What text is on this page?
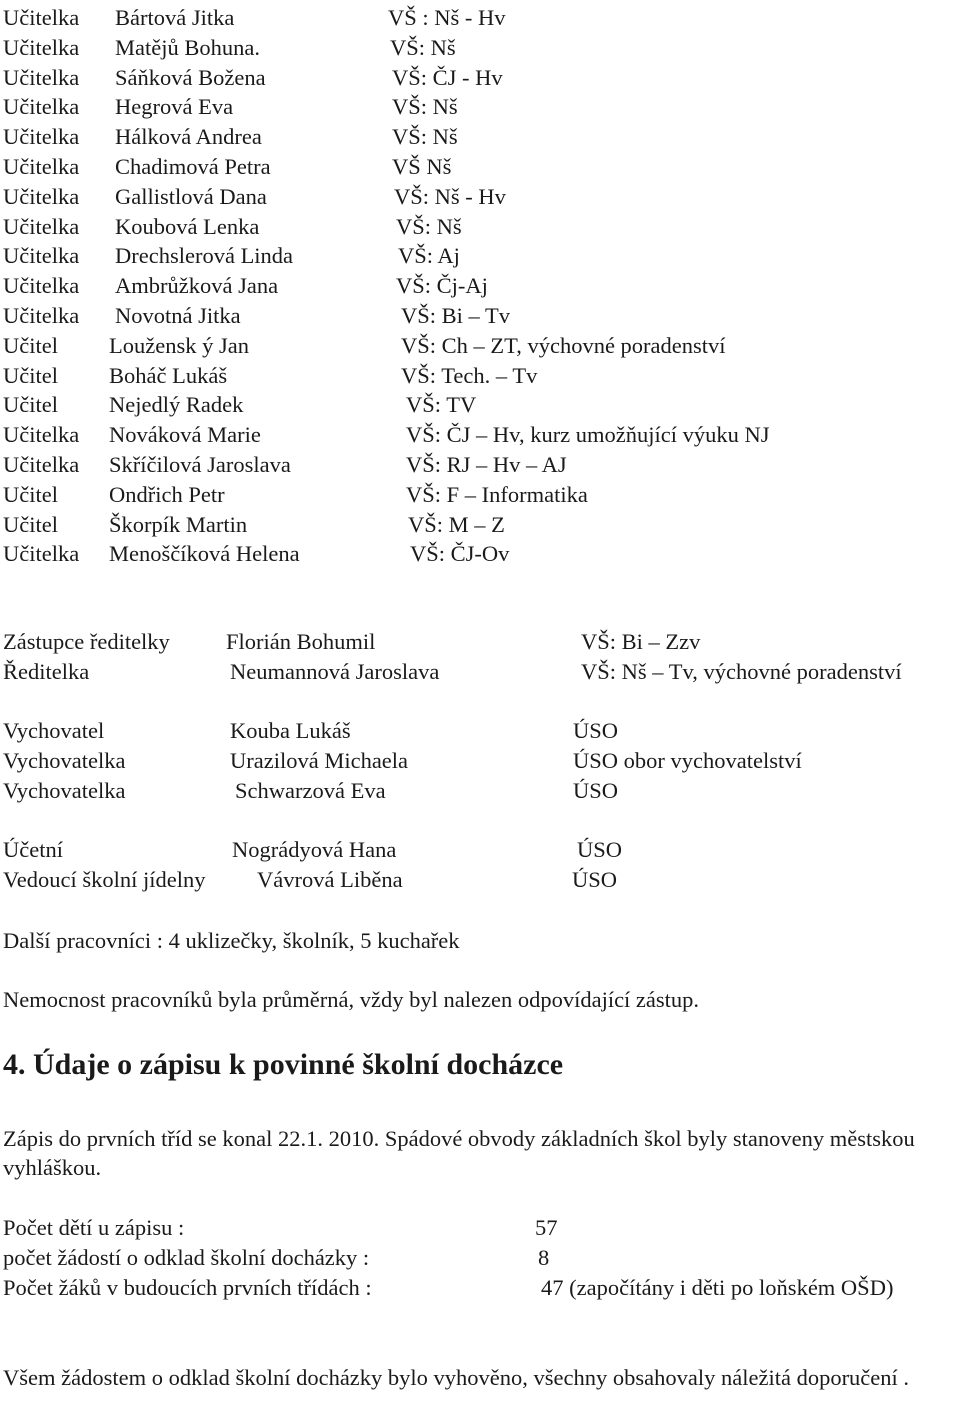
Učitelka Bártová Jitka	VŠ : Nš - Hv
Učitelka Matějů Bohuna.	VŠ: Nš
Učitelka Sáňková Božena	VŠ: ČJ - Hv
Učitelka Hegrová Eva	VŠ: Nš
Učitelka Hálková Andrea	VŠ: Nš
Učitelka Chadimová Petra	VŠ Nš
Učitelka Gallistlová Dana	VŠ: Nš - Hv
Učitelka Koubová Lenka	VŠ: Nš
Učitelka Drechslerová Linda	VŠ: Aj
Učitelka Ambrůžková Jana	VŠ: Čj-Aj
Učitelka Novotná Jitka	VŠ: Bi – Tv
Učitel Loužensk ý Jan	VŠ: Ch – ZT, výchovné poradenství
Učitel Boháč Lukáš	VŠ: Tech. – Tv
Učitel Nejedlý Radek	VŠ: TV
Učitelka Nováková Marie	VŠ: ČJ – Hv, kurz umožňující výuku NJ
Učitelka Skříčilová Jaroslava	VŠ: RJ – Hv – AJ
Učitel Ondřich Petr	VŠ: F – Informatika
Učitel Škorpík Martin	VŠ: M – Z
Učitelka Menoščíková Helena	VŠ: ČJ-Ov
Zástupce ředitelky Florián Bohumil	VŠ: Bi – Zzv
Ředitelka	Neumannová Jaroslava	VŠ: Nš – Tv, výchovné poradenství
Vychovatel	Kouba Lukáš	ÚSO
Vychovatelka	Urazilová Michaela	ÚSO obor vychovatelství
Vychovatelka	Schwarzová Eva	ÚSO
Účetní	Nográdyová Hana	ÚSO
Vedoucí školní jídelny Vávrová Liběna	ÚSO
Další pracovníci : 4 uklizečky, školník, 5 kuchařek
Nemocnost pracovníků byla průměrná, vždy byl nalezen odpovídající zástup.
4. Údaje o zápisu k povinné školní docházce
Zápis do prvních tříd se konal 22.1. 2010. Spádové obvody základních škol byly stanoveny městskou vyhláškou.
Počet dětí u zápisu :	57
počet žádostí o odklad školní docházky :	8
Počet žáků v budoucích prvních třídách :	47 (započítány i děti po loňském OŠD)
Všem žádostem o odklad školní docházky bylo vyhověno, všechny obsahovaly náležitá doporučení .
